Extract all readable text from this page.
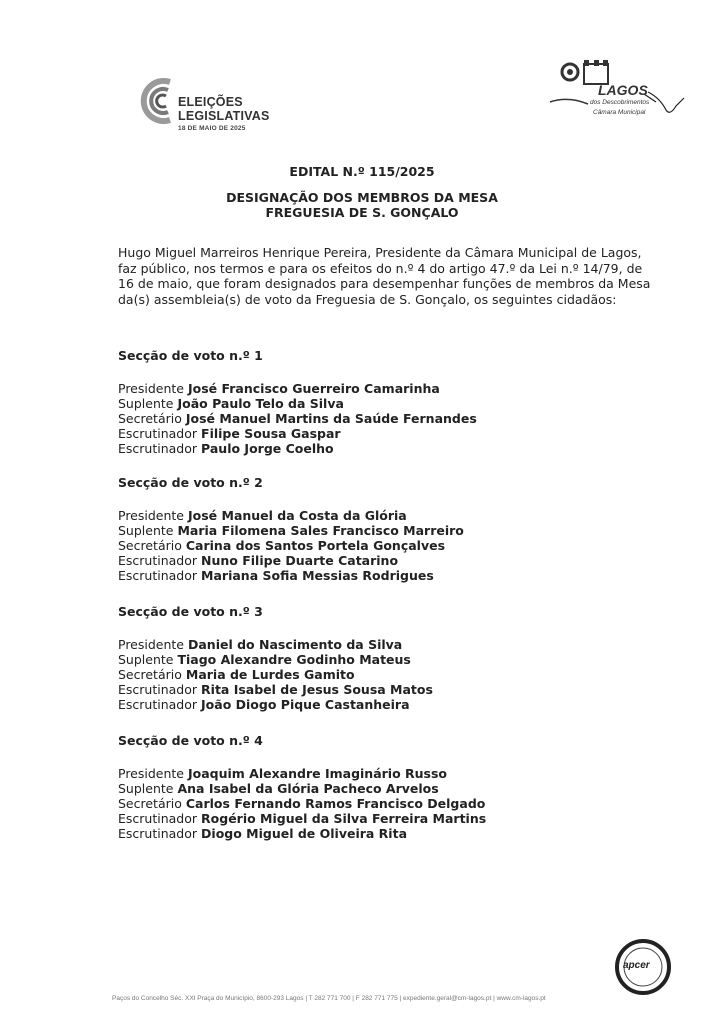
ELEIÇÕES
LEGISLATIVAS
18 DE MAIO DE 2025
LAGOS
dos Descobrimentos
Câmara Municipal
EDITAL N.º 115/2025
DESIGNAÇÃO DOS MEMBROS DA MESA
FREGUESIA DE S. GONÇALO
Hugo Miguel Marreiros Henrique Pereira, Presidente da Câmara Municipal de Lagos,
faz público, nos termos e para os efeitos do n.º 4 do artigo 47.º da Lei n.º 14/79, de
16 de maio, que foram designados para desempenhar funções de membros da Mesa
da(s) assembleia(s) de voto da Freguesia de S. Gonçalo, os seguintes cidadãos:
Secção de voto n.º 1
Presidente José Francisco Guerreiro Camarinha
Suplente João Paulo Telo da Silva
Secretário José Manuel Martins da Saúde Fernandes
Escrutinador Filipe Sousa Gaspar
Escrutinador Paulo Jorge Coelho
Secção de voto n.º 2
Presidente José Manuel da Costa da Glória
Suplente Maria Filomena Sales Francisco Marreiro
Secretário Carina dos Santos Portela Gonçalves
Escrutinador Nuno Filipe Duarte Catarino
Escrutinador Mariana Sofia Messias Rodrigues
Secção de voto n.º 3
Presidente Daniel do Nascimento da Silva
Suplente Tiago Alexandre Godinho Mateus
Secretário Maria de Lurdes Gamito
Escrutinador Rita Isabel de Jesus Sousa Matos
Escrutinador João Diogo Pique Castanheira
Secção de voto n.º 4
Presidente Joaquim Alexandre Imaginário Russo
Suplente Ana Isabel da Glória Pacheco Arvelos
Secretário Carlos Fernando Ramos Francisco Delgado
Escrutinador Rogério Miguel da Silva Ferreira Martins
Escrutinador Diogo Miguel de Oliveira Rita
apcer
Paços do Concelho Séc. XXI Praça do Município, 8600-293 Lagos | T 282 771 700 | F 282 771 775 | expediente.geral@cm-lagos.pt | www.cm-lagos.pt
